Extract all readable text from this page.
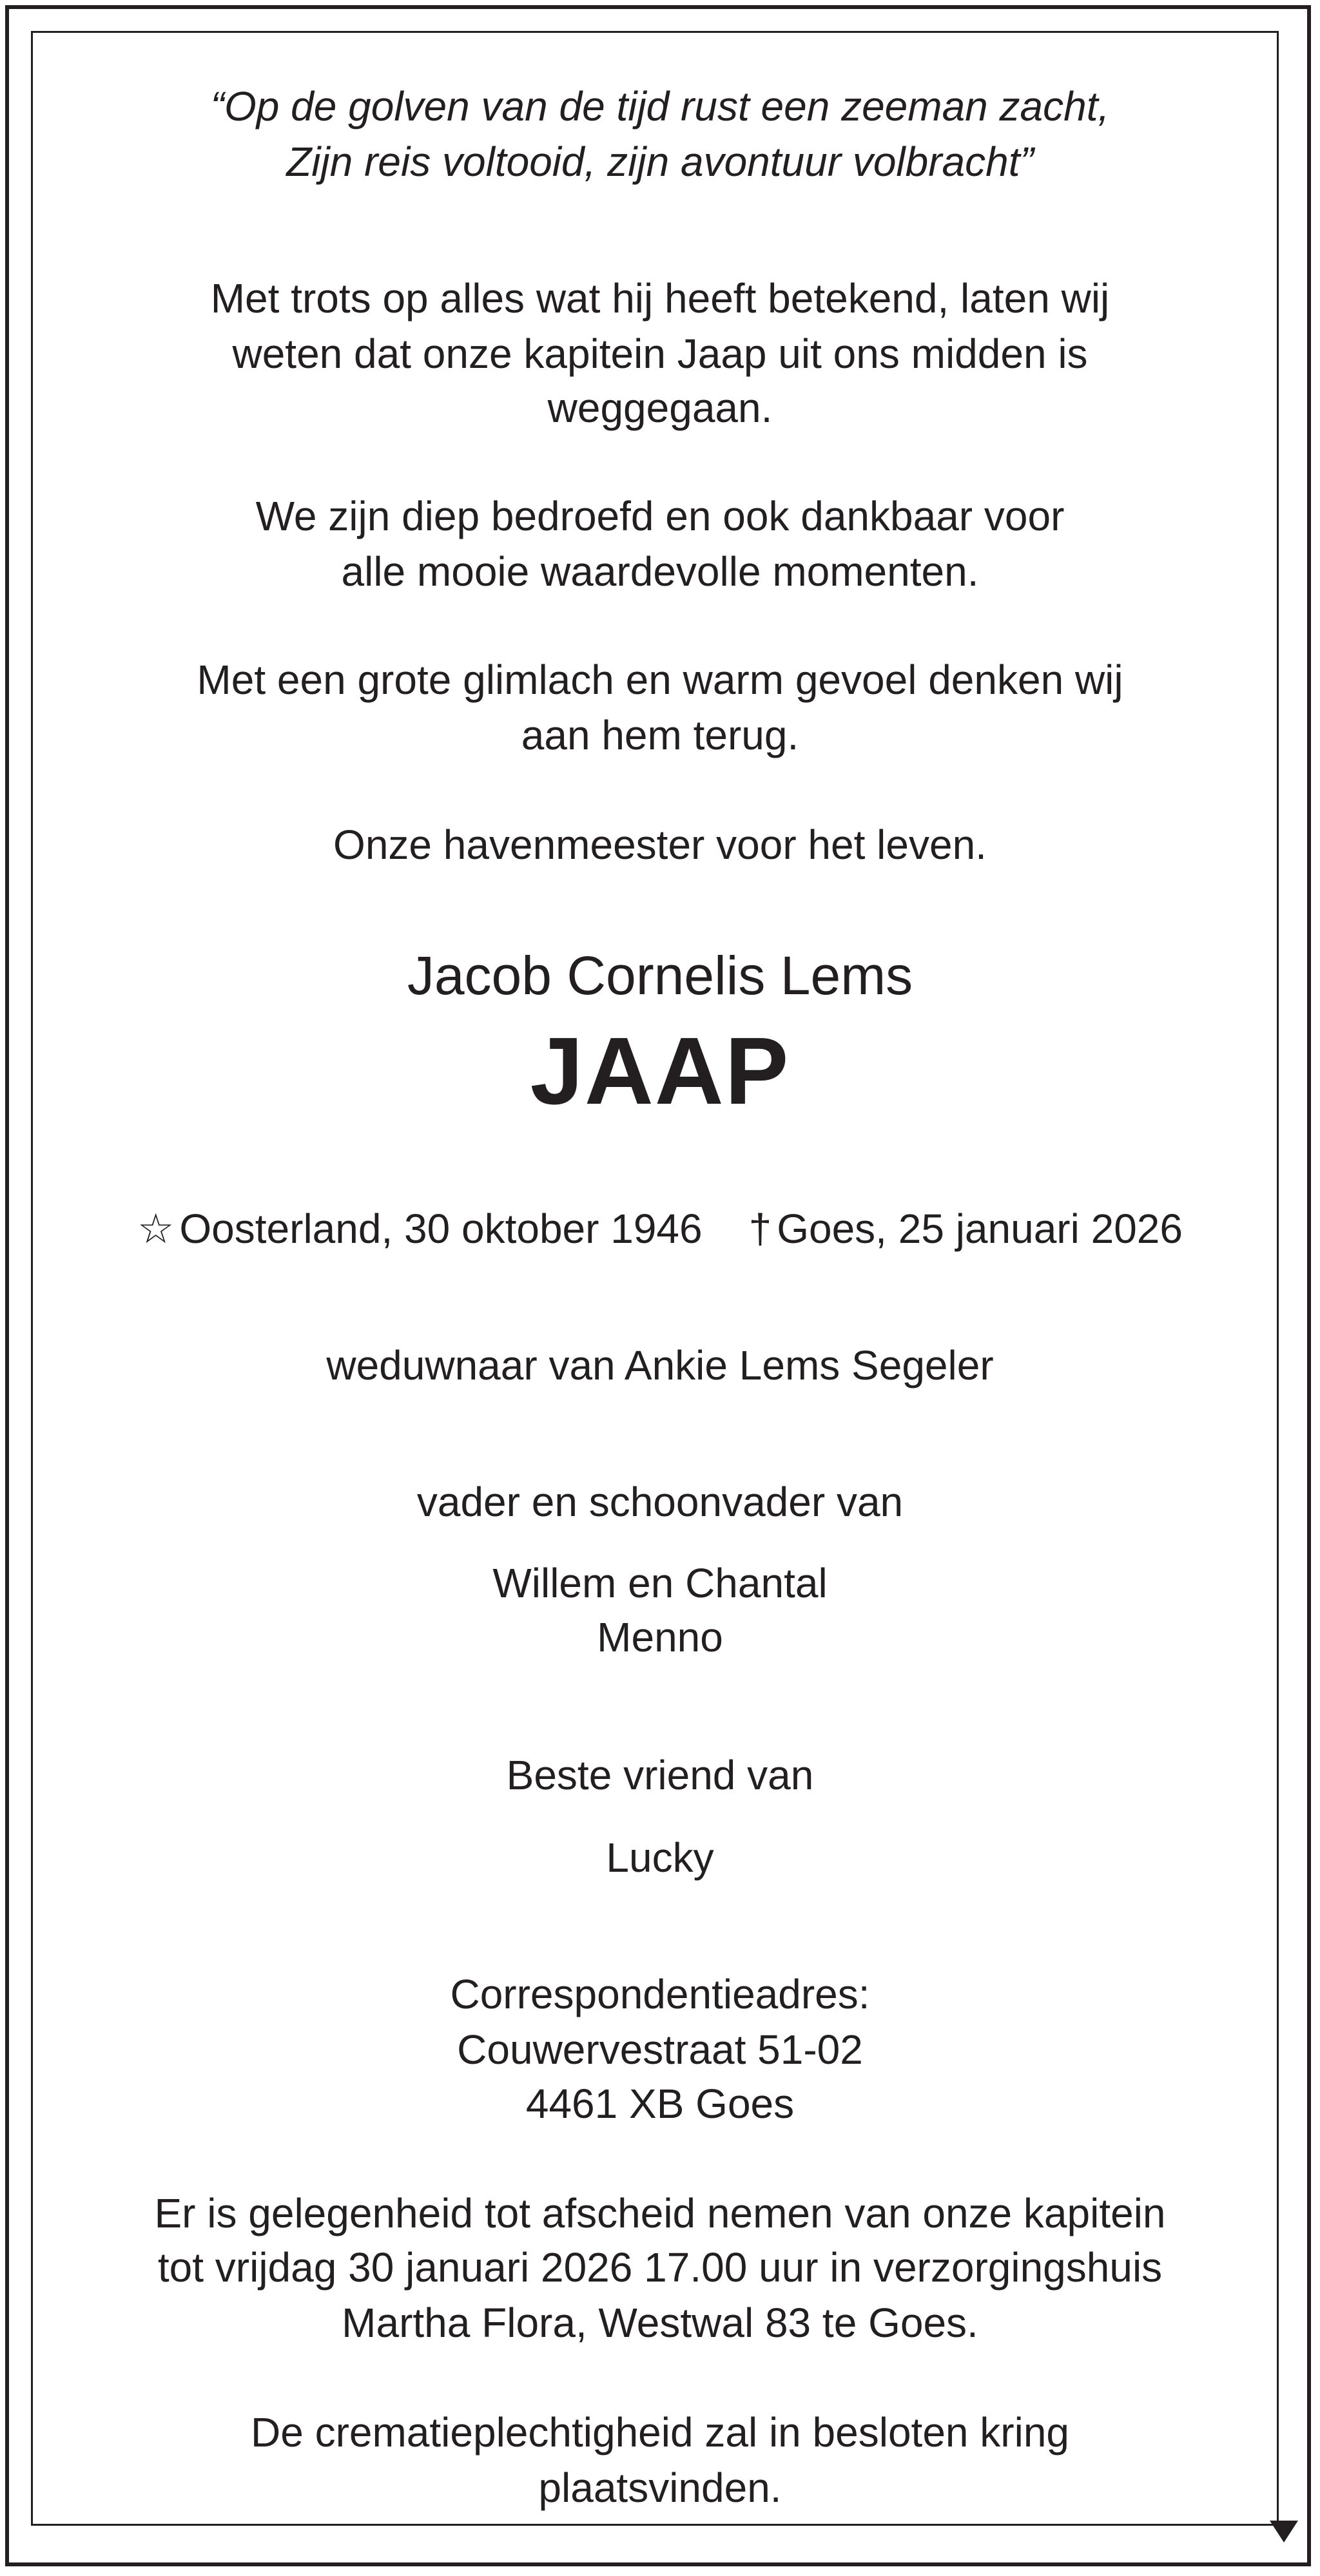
“Op de golven van de tijd rust een zeeman zacht,

Zijn reis voltooid, zijn avontuur volbracht”

Met trots op alles wat hij heeft betekend, laten wij

weten dat onze kapitein Jaap uit ons midden is

weggegaan.

We zijn diep bedroefd en ook dankbaar voor

alle mooie waardevolle momenten.

Met een grote glimlach en warm gevoel denken wij

aan hem terug.

Onze havenmeester voor het leven.

Jacob Cornelis Lems

JAAP

☆ Oosterland, 30 oktober 1946 † Goes, 25 januari 2026

weduwnaar van Ankie Lems Segeler

vader en schoonvader van

Willem en Chantal

Menno

Beste vriend van

Lucky

Correspondentieadres:

Couwervestraat 51-02

4461 XB Goes

Er is gelegenheid tot afscheid nemen van onze kapitein

tot vrijdag 30 januari 2026 17.00 uur in verzorgingshuis

Martha Flora, Westwal 83 te Goes.

De crematieplechtigheid zal in besloten kring

plaatsvinden.
